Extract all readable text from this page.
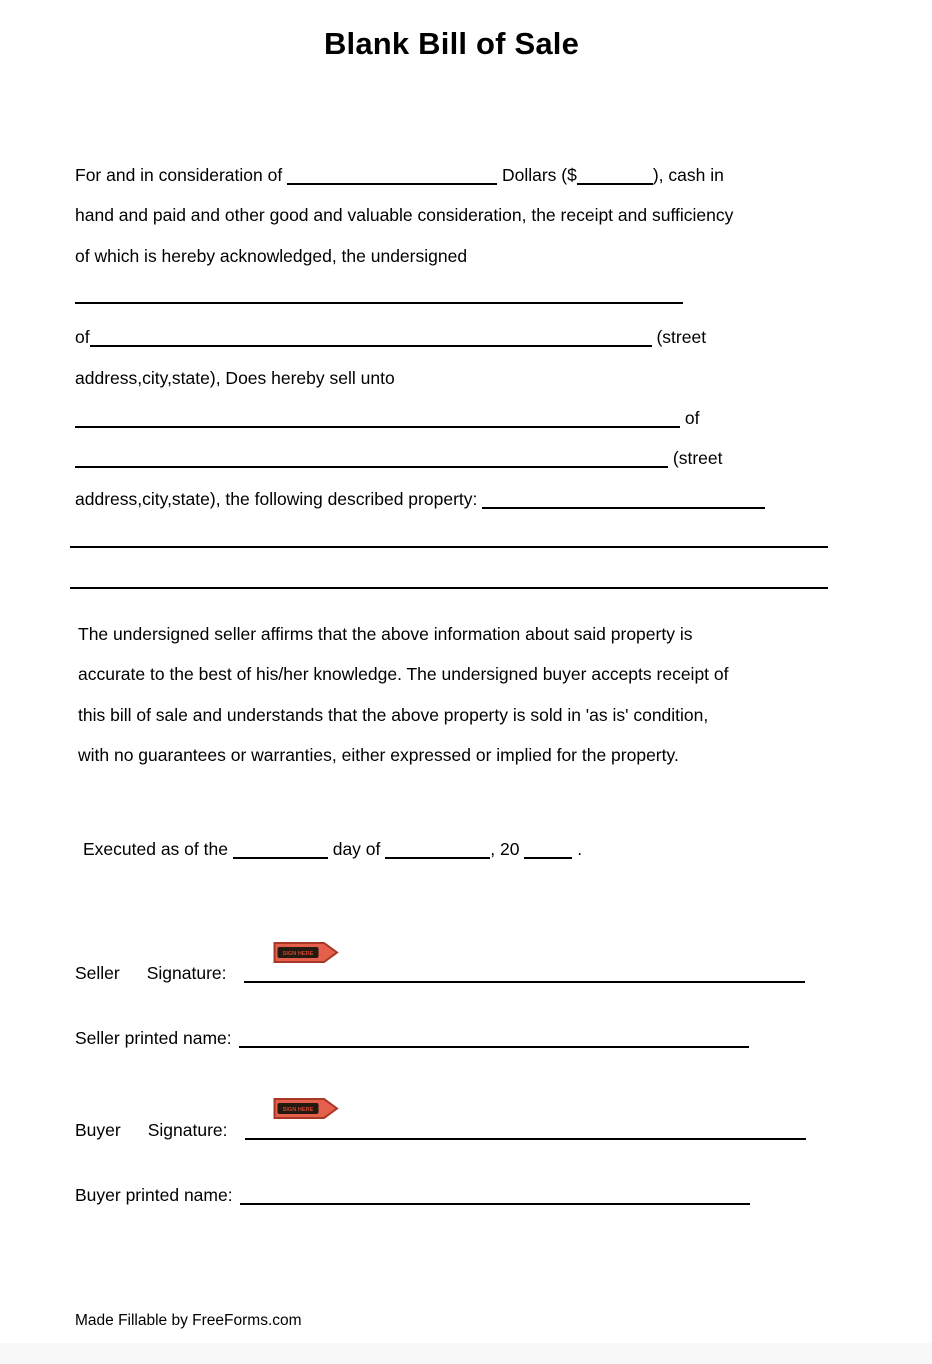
Blank Bill of Sale
For and in consideration of	Dollars ($	), cash in
hand and paid and other good and valuable consideration, the receipt and sufficiency
of which is hereby acknowledged, the undersigned
of	(street
address,city,state), Does hereby sell unto
of
(street
address,city,state), the following described property:
The undersigned seller affirms that the above information about said property is
accurate to the best of his/her knowledge. The undersigned buyer accepts receipt of
this bill of sale and understands that the above property is sold in 'as is' condition,
with no guarantees or warranties, either expressed or implied for the property.
Executed as of the	day of	, 20	.
SIGN HERE
Seller Signature:
Seller printed name:
SIGN HERE
Buyer Signature:
Buyer printed name:
Made Fillable by FreeForms.com
